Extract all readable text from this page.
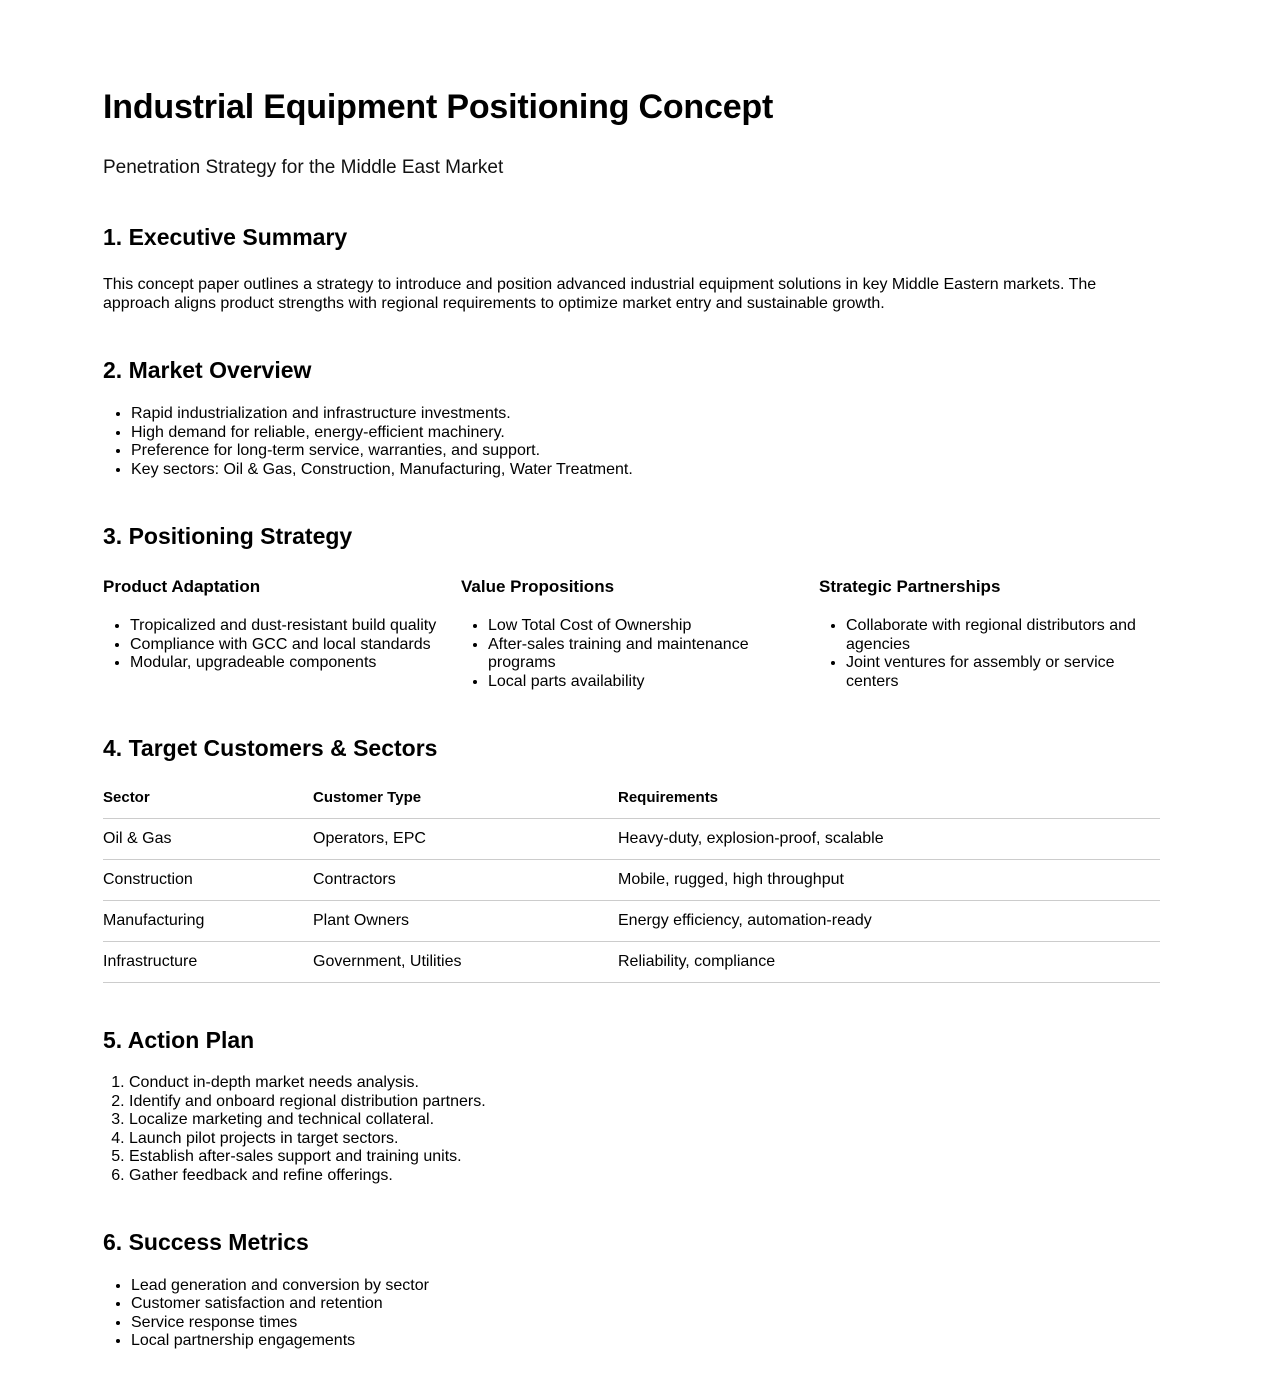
Industrial Equipment Positioning Concept
Penetration Strategy for the Middle East Market
1. Executive Summary

This concept paper outlines a strategy to introduce and position advanced industrial equipment solutions in key Middle Eastern markets. The approach aligns product strengths with regional requirements to optimize market entry and sustainable growth.

2. Market Overview
• Rapid industrialization and infrastructure investments.
• High demand for reliable, energy-efficient machinery.
• Preference for long-term service, warranties, and support.
• Key sectors: Oil & Gas, Construction, Manufacturing, Water Treatment.
3. Positioning Strategy
Product Adaptation
• Tropicalized and dust-resistant build quality
• Compliance with GCC and local standards
• Modular, upgradeable components
Value Propositions
• Low Total Cost of Ownership
• After-sales training and maintenance programs
• Local parts availability
Strategic Partnerships
• Collaborate with regional distributors and agencies
• Joint ventures for assembly or service centers
4. Target Customers & Sectors
Sector	Customer Type	Requirements
Oil & Gas	Operators, EPC	Heavy-duty, explosion-proof, scalable
Construction	Contractors	Mobile, rugged, high throughput
Manufacturing	Plant Owners	Energy efficiency, automation-ready
Infrastructure	Government, Utilities	Reliability, compliance
5. Action Plan
1. Conduct in-depth market needs analysis.
2. Identify and onboard regional distribution partners.
3. Localize marketing and technical collateral.
4. Launch pilot projects in target sectors.
5. Establish after-sales support and training units.
6. Gather feedback and refine offerings.
6. Success Metrics
• Lead generation and conversion by sector
• Customer satisfaction and retention
• Service response times
• Local partnership engagements
